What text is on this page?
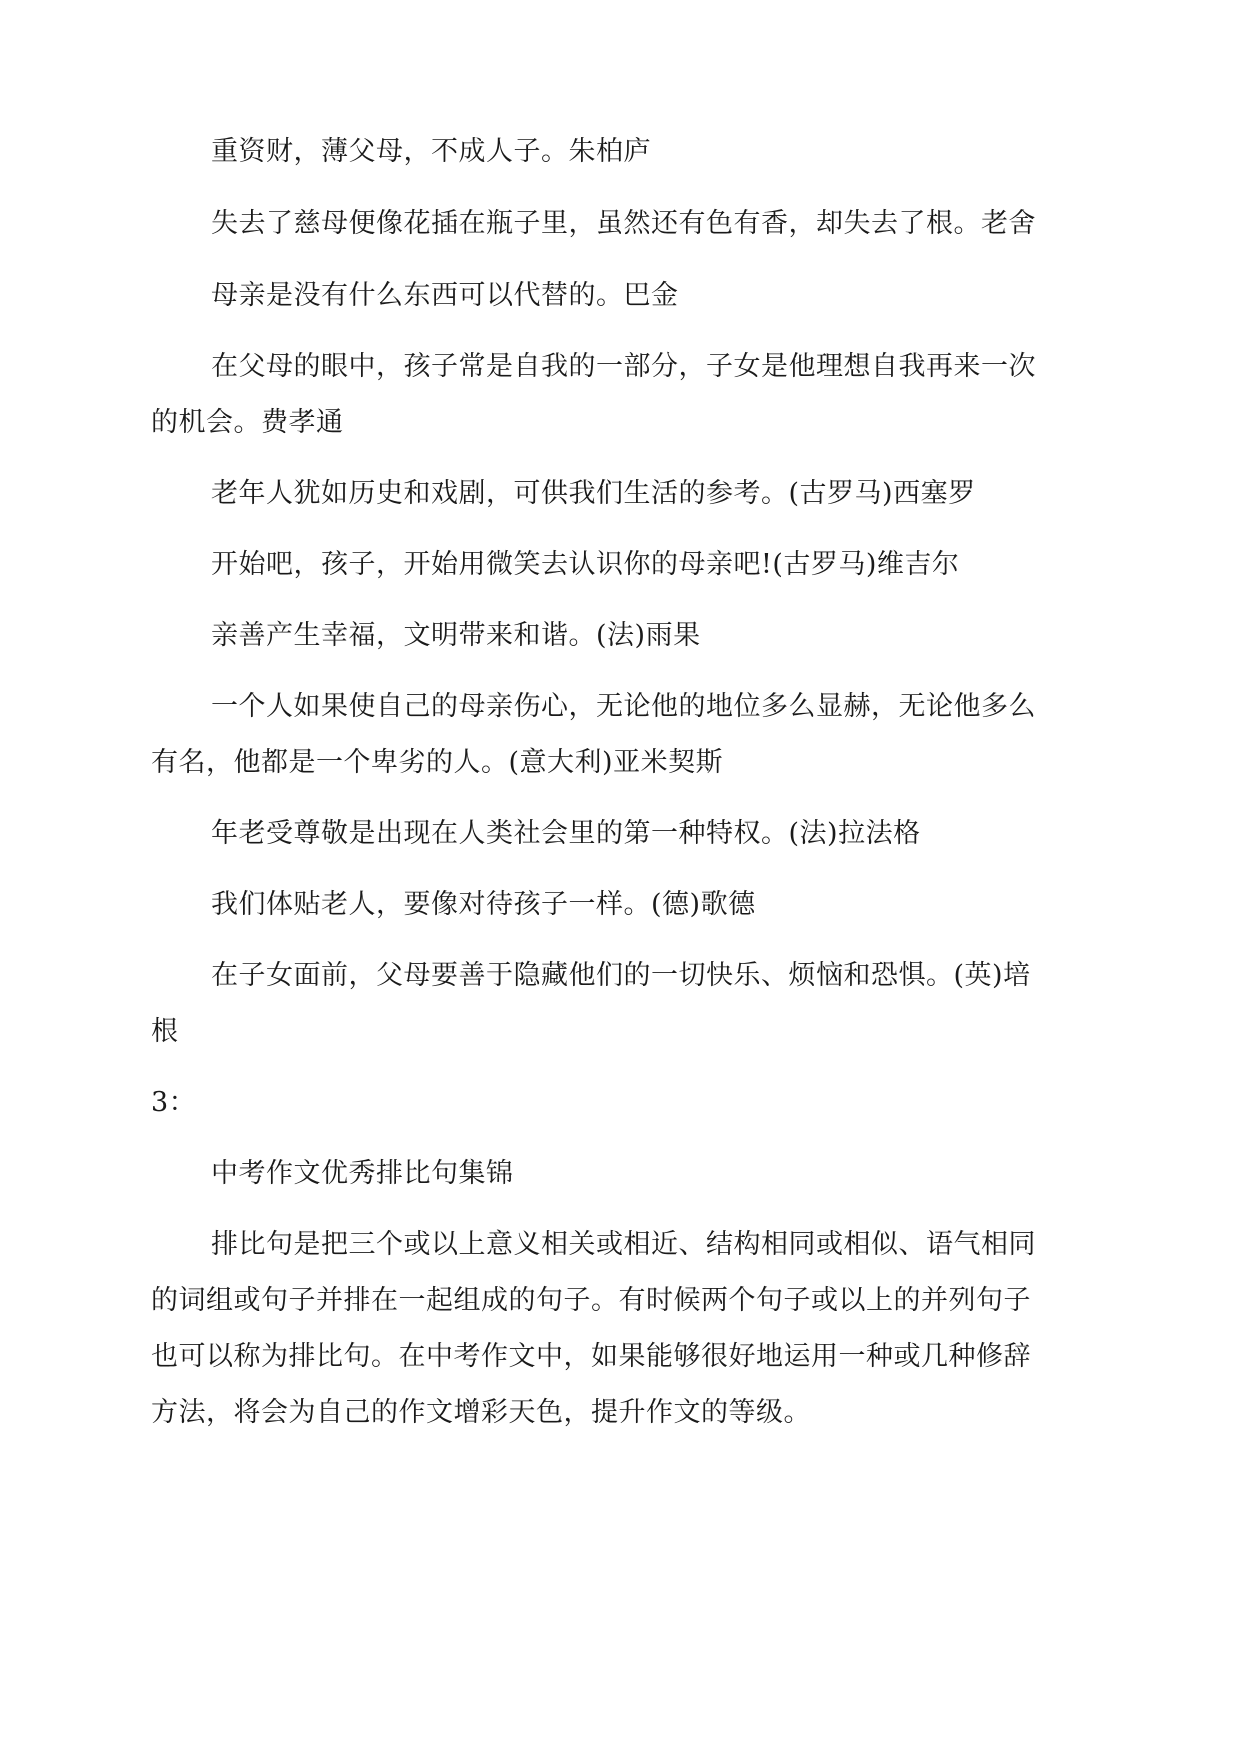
重资财，薄父母，不成人子。朱柏庐
失去了慈母便像花插在瓶子里，虽然还有色有香，却失去了根。老舍
母亲是没有什么东西可以代替的。巴金
在父母的眼中，孩子常是自我的一部分，子女是他理想自我再来一次
的机会。费孝通
老年人犹如历史和戏剧，可供我们生活的参考。(古罗马)西塞罗
开始吧，孩子，开始用微笑去认识你的母亲吧!(古罗马)维吉尔
亲善产生幸福，文明带来和谐。(法)雨果
一个人如果使自己的母亲伤心，无论他的地位多么显赫，无论他多么
有名，他都是一个卑劣的人。(意大利)亚米契斯
年老受尊敬是出现在人类社会里的第一种特权。(法)拉法格
我们体贴老人，要像对待孩子一样。(德)歌德
在子女面前，父母要善于隐藏他们的一切快乐、烦恼和恐惧。(英)培
根
3：
中考作文优秀排比句集锦
排比句是把三个或以上意义相关或相近、结构相同或相似、语气相同
的词组或句子并排在一起组成的句子。有时候两个句子或以上的并列句子
也可以称为排比句。在中考作文中，如果能够很好地运用一种或几种修辞
方法，将会为自己的作文增彩天色，提升作文的等级。
